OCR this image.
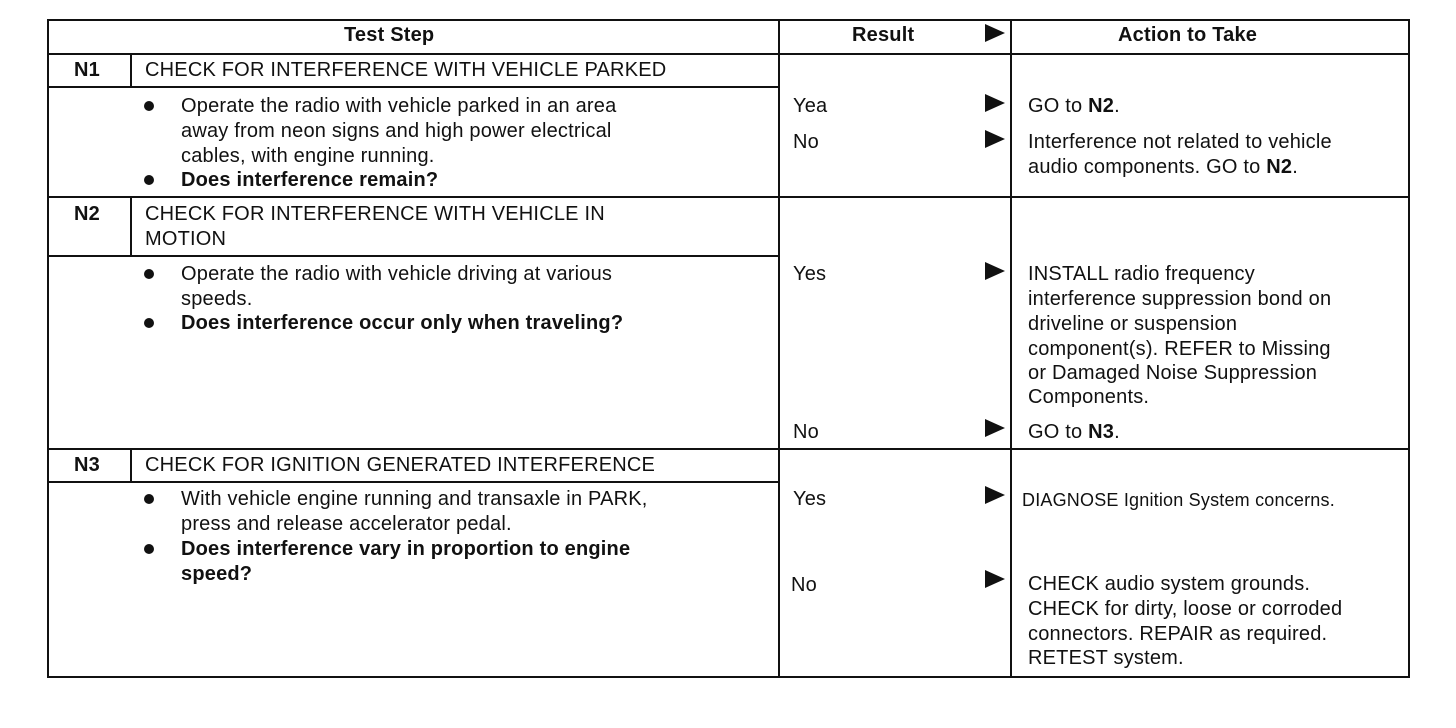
Test Step	Result	Action to Take
N1 CHECK FOR INTERFERENCE WITH VEHICLE PARKED
Operate the radio with vehicle parked in an area
away from neon signs and high power electrical
cables, with engine running.
Does interference remain?
Yea	GO to N2.
No	Interference not related to vehicle
audio components. GO to N2.
N2 CHECK FOR INTERFERENCE WITH VEHICLE IN
MOTION
Operate the radio with vehicle driving at various
speeds.
Does interference occur only when traveling?
Yes	INSTALL radio frequency
interference suppression bond on
driveline or suspension
component(s). REFER to Missing
or Damaged Noise Suppression
Components.
No	GO to N3.
N3 CHECK FOR IGNITION GENERATED INTERFERENCE
With vehicle engine running and transaxle in PARK,
press and release accelerator pedal.
Does interference vary in proportion to engine
speed?
Yes	DIAGNOSE Ignition System concerns.
No	CHECK audio system grounds.
CHECK for dirty, loose or corroded
connectors. REPAIR as required.
RETEST system.
